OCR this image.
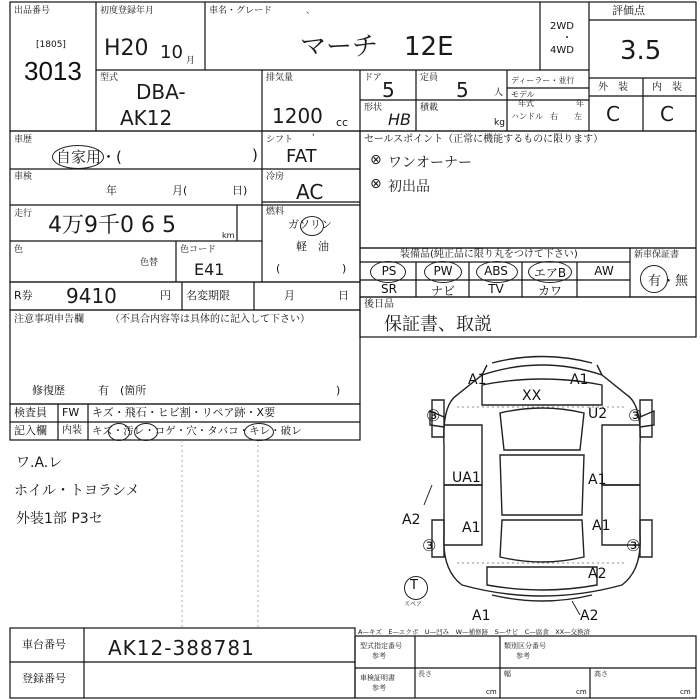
出品番号
[1805]
3013
初度登録年月
H20 10 月
車名・グレード	、
マーチ　12E
2WD
・
4WD
評価点
3.5
型式
DBA-
AK12
排気量
1200 cc
ドア 5	定員 5	人
ディーラー・並行
モデル
年式	年
形状
HB
積載
kg
ハンドル 右 左
外　装 内　装
C C
車歴
自家用・(	)
シフト '
FAT
車検
年	月(	日)
冷房
AC
走行 4万9千0 6 5	km
燃料
ガソリン
軽　油
(	)
色
色替
色コード
E41
R券 9410	円 名変期限	月	日
セールスポイント（正常に機能するものに限ります）
⊗ ワンオーナー
⊗ 初出品
装備品(純正品に限り丸をつけて下さい)
PS	PW	ABS	エアB	AW
SR	ナビ	TV	カワ
新車保証書
有 ・無
後日品
保証書、取説
注意事項申告欄	（不具合内容等は具体的に記入して下さい）
修復歴	有 (箇所	)
検査員
記入欄
FW キズ・飛石・ヒビ割・リペア跡・X要
内装 キズ・汚レ・コゲ・穴・タバコ・キレ・破レ
ワ.A.レ
ホイル・トヨラシメ
外装1部 P3セ
A1	A1
XX
③	③
U2
UA1	A1
A2	A1	A1
③
③
A2
A1	A2
T
スペア
A—キズ　E—エクボ　U—凹み　W—補修跡　S—サビ　C—腐食　XX—交換済
車台番号 AK12-388781
登録番号
型式指定番号
参考
類別区分番号
参考
車検証明書
参考
長さ
cm
幅
cm
高さ
cm
